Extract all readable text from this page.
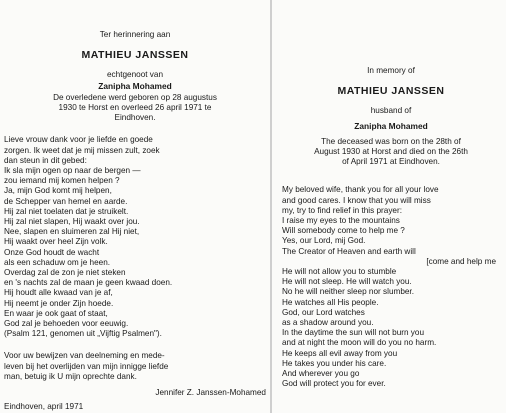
Ter herinnering aan
MATHIEU JANSSEN
echtgenoot van
Zanipha Mohamed
De overledene werd geboren op 28 augustus
1930 te Horst en overleed 26 april 1971 te
Eindhoven.
Lieve vrouw dank voor je liefde en goede
zorgen. Ik weet dat je mij missen zult, zoek
dan steun in dit gebed:
Ik sla mijn ogen op naar de bergen —
zou iemand mij komen helpen ?
Ja, mijn God komt mij helpen,
de Schepper van hemel en aarde.
Hij zal niet toelaten dat je struikelt.
Hij zal niet slapen, Hij waakt over jou.
Nee, slapen en sluimeren zal Hij niet,
Hij waakt over heel Zijn volk.
Onze God houdt de wacht
als een schaduw om je heen.
Overdag zal de zon je niet steken
en 's nachts zal de maan je geen kwaad doen.
Hij houdt alle kwaad van je af,
Hij neemt je onder Zijn hoede.
En waar je ook gaat of staat,
God zal je behoeden voor eeuwig.
(Psalm 121, genomen uit „Vijftig Psalmen").
Voor uw bewijzen van deelneming en mede-
leven bij het overlijden van mijn innigge liefde
man, betuig ik U mijn oprechte dank.
Jennifer Z. Janssen-Mohamed
Eindhoven, april 1971
In memory of
MATHIEU JANSSEN
husband of
Zanipha Mohamed
The deceased was born on the 28th of
August 1930 at Horst and died on the 26th
of April 1971 at Eindhoven.
My beloved wife, thank you for all your love
and good cares. I know that you will miss
my, try to find relief in this prayer:
I raise my eyes to the mountains
Will somebody come to help me ?
Yes, our Lord, mij God.
The Creator of Heaven and earth will
[come and help me
He will not allow you to stumble
He will not sleep. He will watch you.
No he will neither sleep nor slumber.
He watches all His people.
God, our Lord watches
as a shadow around you.
In the daytime the sun will not burn you
and at night the moon will do you no harm.
He keeps all evil away from you
He takes you under his care.
And wherever you go
God will protect you for ever.
